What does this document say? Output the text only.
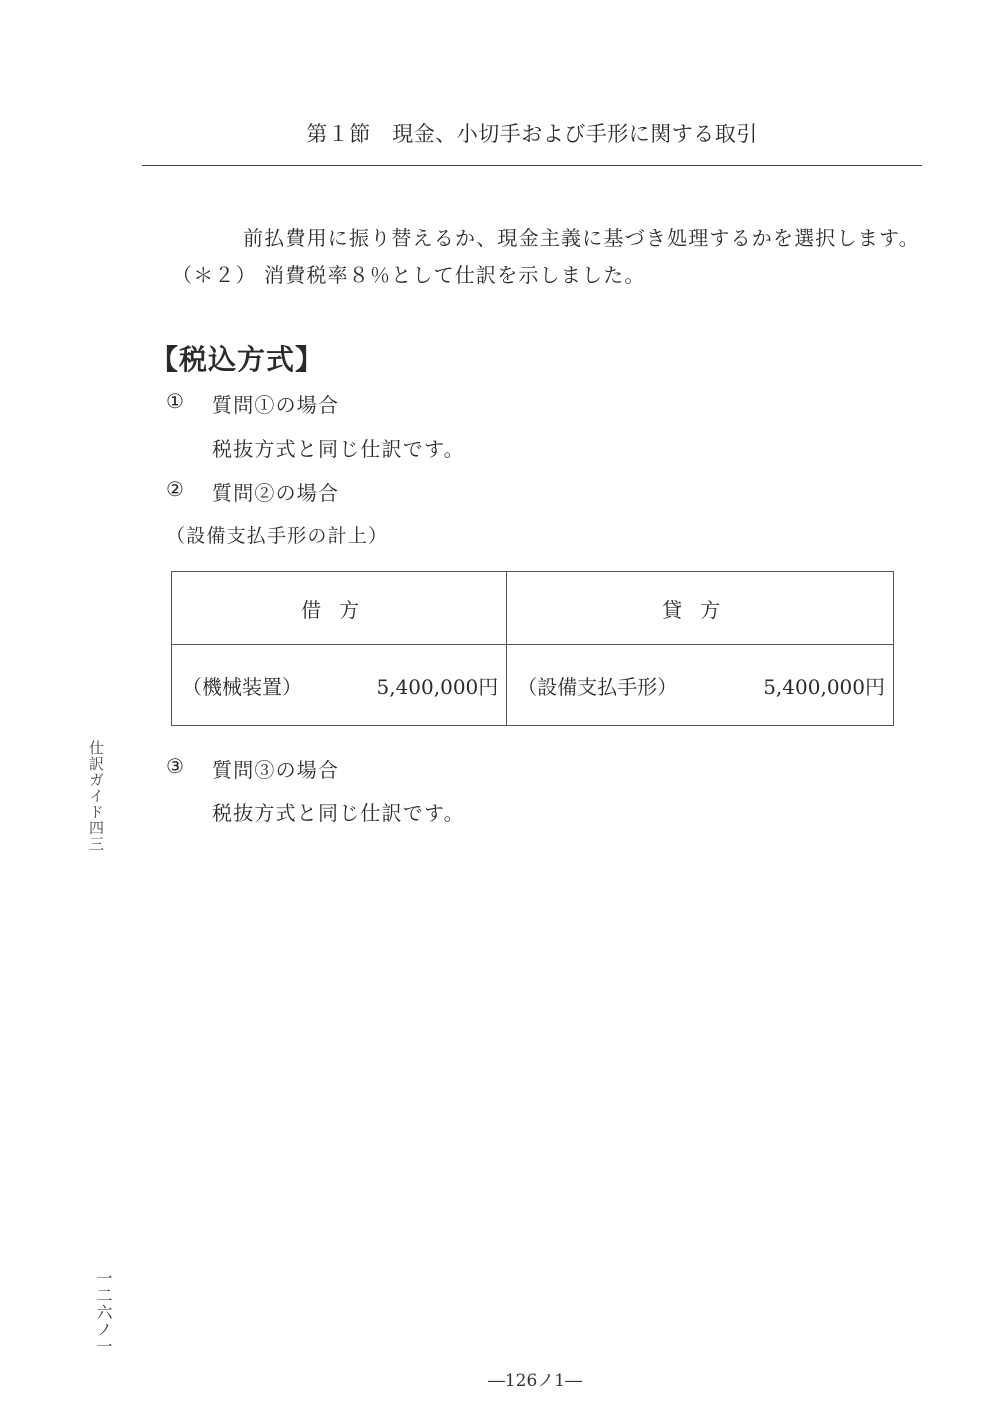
第１節　現金、小切手および手形に関する取引
前払費用に振り替えるか、現金主義に基づき処理するかを選択します。
（＊２） 消費税率８％として仕訳を示しました。
【税込方式】
① 質問①の場合
税抜方式と同じ仕訳です。
② 質問②の場合
（設備支払手形の計上）
借方	貸方

（機械装置） 5,400,000円	（設備支払手形） 5,400,000円
③ 質問③の場合
税抜方式と同じ仕訳です。
仕訳ガイド四三
一二六ノ一
―126ノ1―
